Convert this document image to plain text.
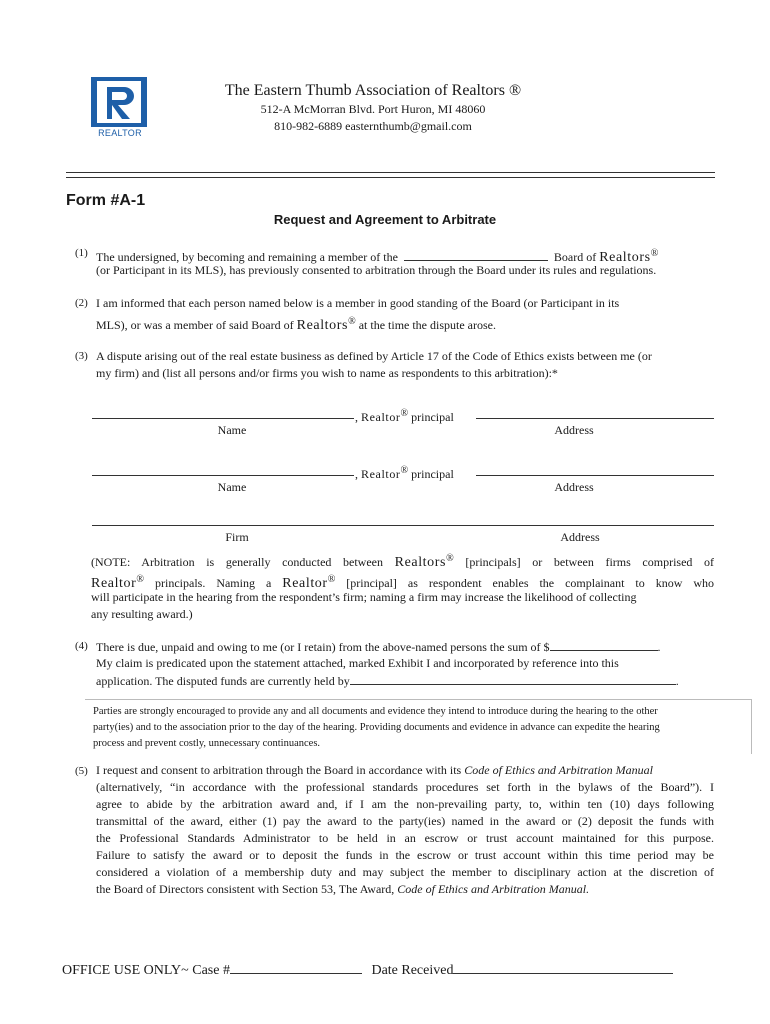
REALTOR
The Eastern Thumb Association of Realtors ®
512-A McMorran Blvd. Port Huron, MI 48060
810-982-6889 easternthumb@gmail.com
Form #A-1
Request and Agreement to Arbitrate
(1) The undersigned, by becoming and remaining a member of the	Board of Realtors®
(or Participant in its MLS), has previously consented to arbitration through the Board under its rules and regulations.
(2) I am informed that each person named below is a member in good standing of the Board (or Participant in its
MLS), or was a member of said Board of Realtors® at the time the dispute arose.
(3) A dispute arising out of the real estate business as defined by Article 17 of the Code of Ethics exists between me (or
my firm) and (list all persons and/or firms you wish to name as respondents to this arbitration):*
, Realtor® principal
Name	Address
, Realtor® principal
Name	Address
Firm	Address
(NOTE: Arbitration is generally conducted between Realtors® [principals] or between firms comprised of
Realtor® principals. Naming a Realtor® [principal] as respondent enables the complainant to know who
will participate in the hearing from the respondent’s firm; naming a firm may increase the likelihood of collecting
any resulting award.)
(4) There is due, unpaid and owing to me (or I retain) from the above-named persons the sum of $	.
My claim is predicated upon the statement attached, marked Exhibit I and incorporated by reference into this
application. The disputed funds are currently held by	.
Parties are strongly encouraged to provide any and all documents and evidence they intend to introduce during the hearing to the other
party(ies) and to the association prior to the day of the hearing. Providing documents and evidence in advance can expedite the hearing
process and prevent costly, unnecessary continuances.
(5) I request and consent to arbitration through the Board in accordance with its Code of Ethics and Arbitration Manual
(alternatively, “in accordance with the professional standards procedures set forth in the bylaws of the Board”). I
agree to abide by the arbitration award and, if I am the non-prevailing party, to, within ten (10) days following
transmittal of the award, either (1) pay the award to the party(ies) named in the award or (2) deposit the funds with
the Professional Standards Administrator to be held in an escrow or trust account maintained for this purpose.
Failure to satisfy the award or to deposit the funds in the escrow or trust account within this time period may be
considered a violation of a membership duty and may subject the member to disciplinary action at the discretion of
the Board of Directors consistent with Section 53, The Award, Code of Ethics and Arbitration Manual.
OFFICE USE ONLY~ Case #	Date Received
